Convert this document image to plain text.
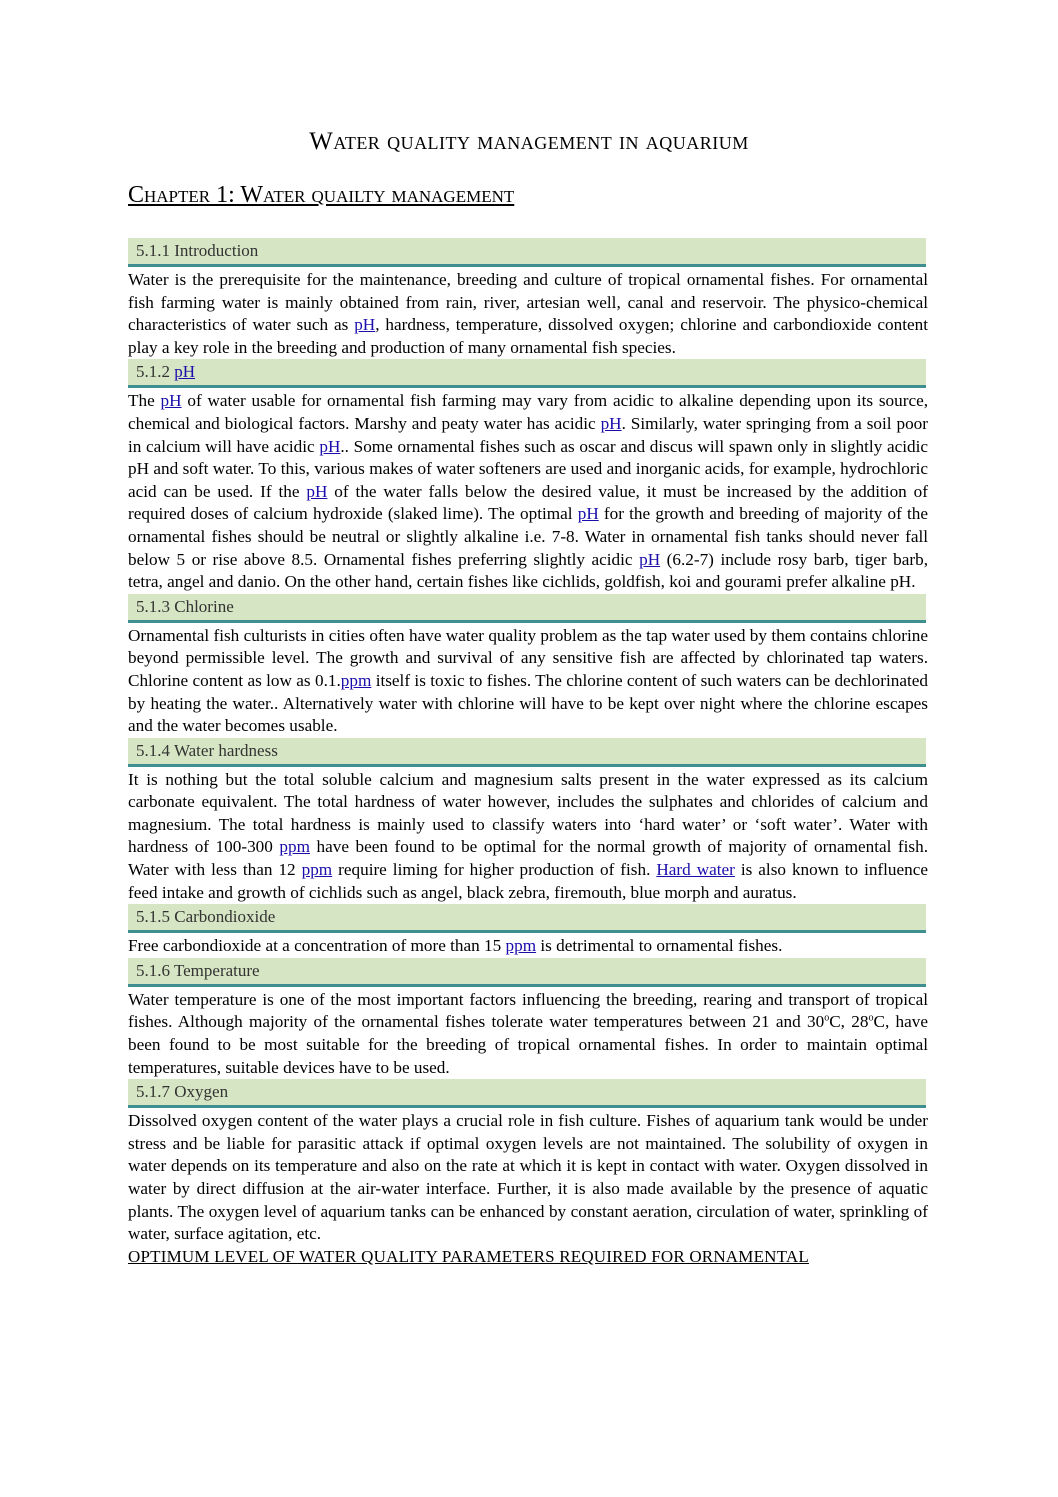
Water quality management in aquarium
Chapter 1: Water quailty management
5.1.1 Introduction

Water is the prerequisite for the maintenance, breeding and culture of tropical ornamental fishes. For ornamental fish farming water is mainly obtained from rain, river, artesian well, canal and reservoir. The physico-chemical characteristics of water such as pH, hardness, temperature, dissolved oxygen; chlorine and carbondioxide content play a key role in the breeding and production of many ornamental fish species.

5.1.2 pH

The pH of water usable for ornamental fish farming may vary from acidic to alkaline depending upon its source, chemical and biological factors. Marshy and peaty water has acidic pH. Similarly, water springing from a soil poor in calcium will have acidic pH.. Some ornamental fishes such as oscar and discus will spawn only in slightly acidic pH and soft water. To this, various makes of water softeners are used and inorganic acids, for example, hydrochloric acid can be used. If the pH of the water falls below the desired value, it must be increased by the addition of required doses of calcium hydroxide (slaked lime). The optimal pH for the growth and breeding of majority of the ornamental fishes should be neutral or slightly alkaline i.e. 7-8. Water in ornamental fish tanks should never fall below 5 or rise above 8.5. Ornamental fishes preferring slightly acidic pH (6.2-7) include rosy barb, tiger barb, tetra, angel and danio. On the other hand, certain fishes like cichlids, goldfish, koi and gourami prefer alkaline pH.

5.1.3 Chlorine

Ornamental fish culturists in cities often have water quality problem as the tap water used by them contains chlorine beyond permissible level. The growth and survival of any sensitive fish are affected by chlorinated tap waters. Chlorine content as low as 0.1.ppm itself is toxic to fishes. The chlorine content of such waters can be dechlorinated by heating the water.. Alternatively water with chlorine will have to be kept over night where the chlorine escapes and the water becomes usable.

5.1.4 Water hardness

It is nothing but the total soluble calcium and magnesium salts present in the water expressed as its calcium carbonate equivalent. The total hardness of water however, includes the sulphates and chlorides of calcium and magnesium. The total hardness is mainly used to classify waters into ‘hard water’ or ‘soft water’. Water with hardness of 100-300 ppm have been found to be optimal for the normal growth of majority of ornamental fish. Water with less than 12 ppm require liming for higher production of fish. Hard water is also known to influence feed intake and growth of cichlids such as angel, black zebra, firemouth, blue morph and auratus.

5.1.5 Carbondioxide

Free carbondioxide at a concentration of more than 15 ppm is detrimental to ornamental fishes.

5.1.6 Temperature

Water temperature is one of the most important factors influencing the breeding, rearing and transport of tropical fishes. Although majority of the ornamental fishes tolerate water temperatures between 21 and 30$^o$C, 28$^o$C, have been found to be most suitable for the breeding of tropical ornamental fishes. In order to maintain optimal temperatures, suitable devices have to be used.

5.1.7 Oxygen

Dissolved oxygen content of the water plays a crucial role in fish culture. Fishes of aquarium tank would be under stress and be liable for parasitic attack if optimal oxygen levels are not maintained. The solubility of oxygen in water depends on its temperature and also on the rate at which it is kept in contact with water. Oxygen dissolved in water by direct diffusion at the air-water interface. Further, it is also made available by the presence of aquatic plants. The oxygen level of aquarium tanks can be enhanced by constant aeration, circulation of water, sprinkling of water, surface agitation, etc.
OPTIMUM LEVEL OF WATER QUALITY PARAMETERS REQUIRED FOR ORNAMENTAL
